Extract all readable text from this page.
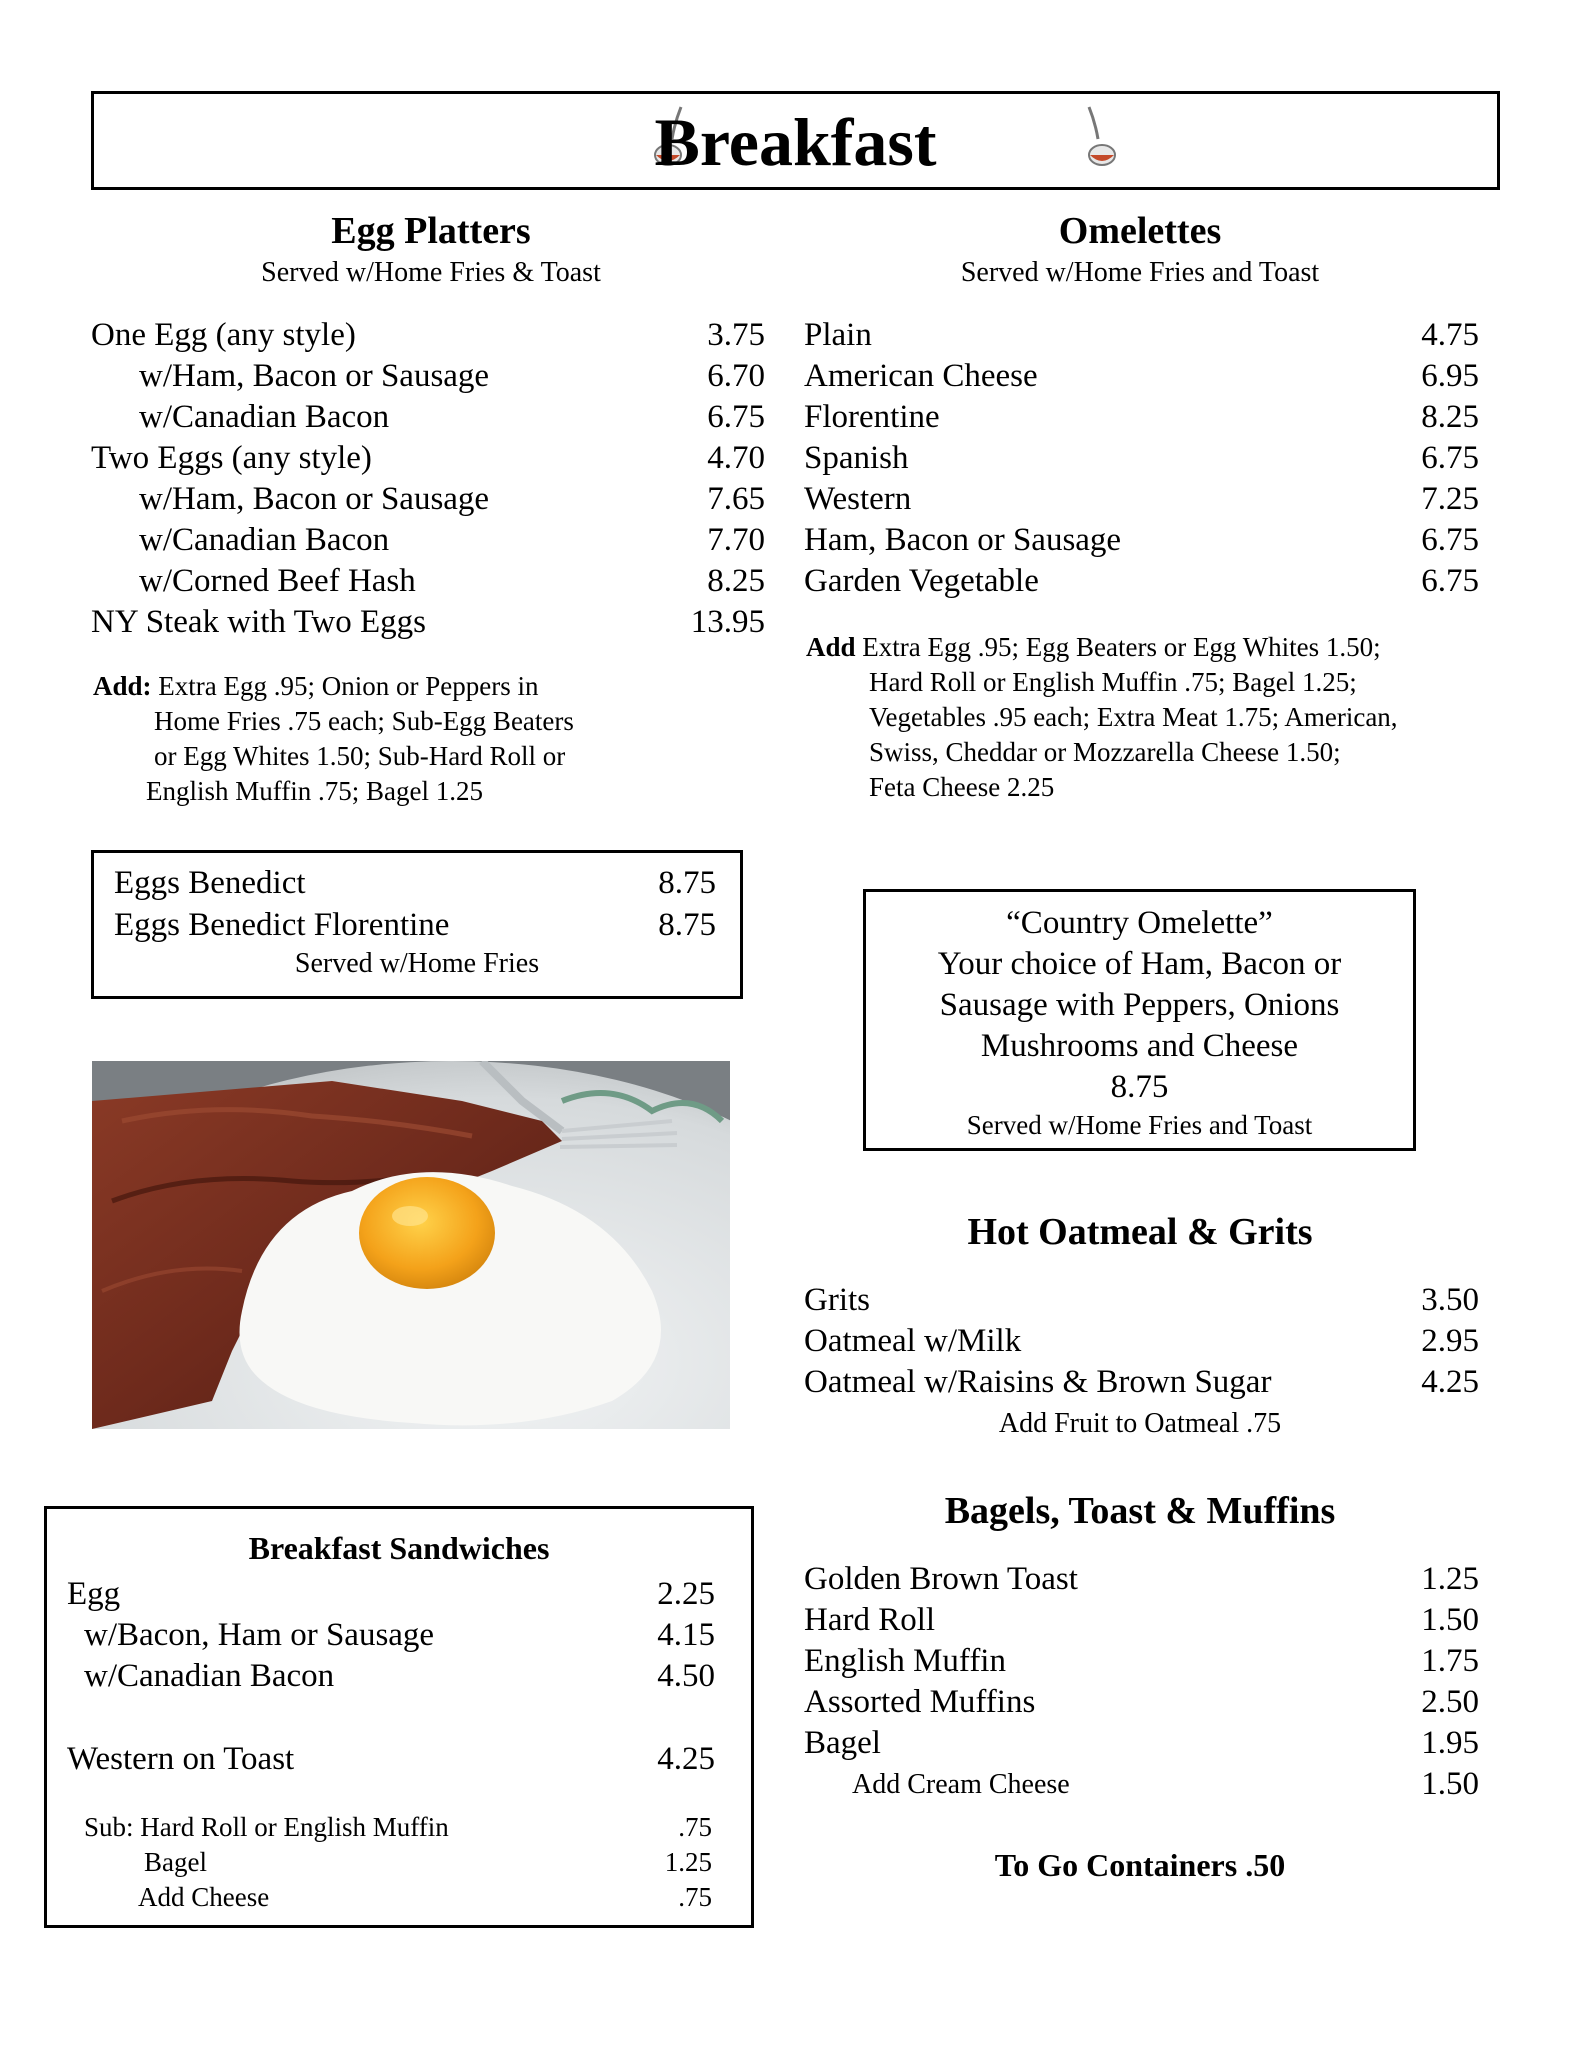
Breakfast
Egg Platters
Served w/Home Fries & Toast
One Egg (any style)	3.75
w/Ham, Bacon or Sausage	6.70
w/Canadian Bacon	6.75
Two Eggs (any style)	4.70
w/Ham, Bacon or Sausage	7.65
w/Canadian Bacon	7.70
w/Corned Beef Hash	8.25
NY Steak with Two Eggs	13.95
Add: Extra Egg .95; Onion or Peppers in
Home Fries .75 each; Sub-Egg Beaters
or Egg Whites 1.50; Sub-Hard Roll or
English Muffin .75; Bagel 1.25
Eggs Benedict	8.75
Eggs Benedict Florentine	8.75
Served w/Home Fries
Breakfast Sandwiches
Egg	2.25
w/Bacon, Ham or Sausage	4.15
w/Canadian Bacon	4.50
Western on Toast	4.25
Sub: Hard Roll or English Muffin	.75
Bagel	1.25
Add Cheese	.75
Omelettes
Served w/Home Fries and Toast
Plain	4.75
American Cheese	6.95
Florentine	8.25
Spanish	6.75
Western	7.25
Ham, Bacon or Sausage	6.75
Garden Vegetable	6.75
Add Extra Egg .95; Egg Beaters or Egg Whites 1.50;
Hard Roll or English Muffin .75; Bagel 1.25;
Vegetables .95 each; Extra Meat 1.75; American,
Swiss, Cheddar or Mozzarella Cheese 1.50;
Feta Cheese 2.25
“Country Omelette”
Your choice of Ham, Bacon or
Sausage with Peppers, Onions
Mushrooms and Cheese
8.75
Served w/Home Fries and Toast
Hot Oatmeal & Grits
Grits	3.50
Oatmeal w/Milk	2.95
Oatmeal w/Raisins & Brown Sugar	4.25
Add Fruit to Oatmeal .75
Bagels, Toast & Muffins
Golden Brown Toast	1.25
Hard Roll	1.50
English Muffin	1.75
Assorted Muffins	2.50
Bagel	1.95
Add Cream Cheese	1.50
To Go Containers .50
